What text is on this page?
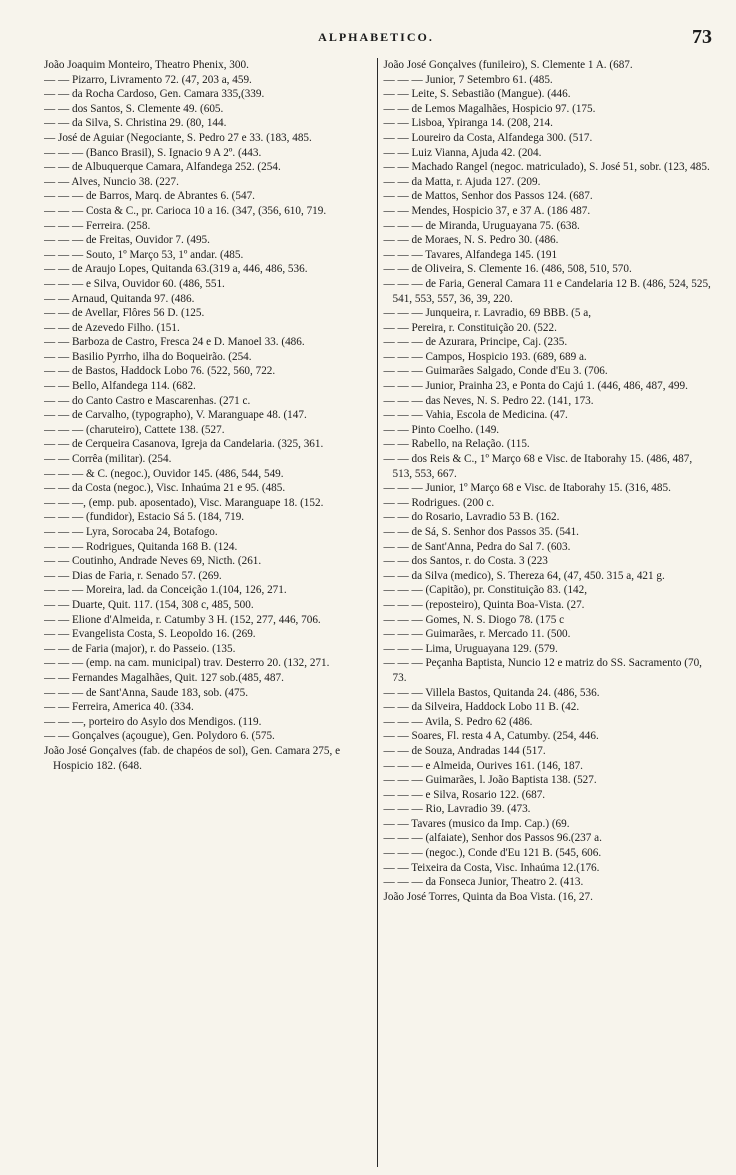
ALPHABETICO.	73
João Joaquim Monteiro, Theatro Phenix, 300.
— — Pizarro, Livramento 72. (47, 203 a, 459.
— — da Rocha Cardoso, Gen. Camara 335,(339.
— — dos Santos, S. Clemente 49. (605.
— — da Silva, S. Christina 29. (80, 144.
— José de Aguiar (Negociante, S. Pedro 27 e 33. (183, 485.
— — — (Banco Brasil), S. Ignacio 9 A 2º. (443.
— — de Albuquerque Camara, Alfandega 252. (254.
— — Alves, Nuncio 38. (227.
— — — de Barros, Marq. de Abrantes 6. (547.
— — — Costa & C., pr. Carioca 10 a 16. (347, (356, 610, 719.
— — — Ferreira. (258.
— — — de Freitas, Ouvidor 7. (495.
— — — Souto, 1º Março 53, 1º andar. (485.
— — de Araujo Lopes, Quitanda 63.(319 a, 446, 486, 536.
— — — e Silva, Ouvidor 60. (486, 551.
— — Arnaud, Quitanda 97. (486.
— — de Avellar, Flôres 56 D. (125.
— — de Azevedo Filho. (151.
— — Barboza de Castro, Fresca 24 e D. Manoel 33. (486.
— — Basilio Pyrrho, ilha do Boqueirão. (254.
— — de Bastos, Haddock Lobo 76. (522, 560, 722.
— — Bello, Alfandega 114. (682.
— — do Canto Castro e Mascarenhas. (271 c.
— — de Carvalho, (typographo), V. Maranguape 48. (147.
— — — (charuteiro), Cattete 138. (527.
— — de Cerqueira Casanova, Igreja da Candelaria. (325, 361.
— — Corrêa (militar). (254.
— — — & C. (negoc.), Ouvidor 145. (486, 544, 549.
— — da Costa (negoc.), Visc. Inhaúma 21 e 95. (485.
— — —, (emp. pub. aposentado), Visc. Maranguape 18. (152.
— — — (fundidor), Estacio Sá 5. (184, 719.
— — — Lyra, Sorocaba 24, Botafogo.
— — — Rodrigues, Quitanda 168 B. (124.
— — Coutinho, Andrade Neves 69, Nicth. (261.
— — Dias de Faria, r. Senado 57. (269.
— — — Moreira, lad. da Conceição 1.(104, 126, 271.
— — Duarte, Quit. 117. (154, 308 c, 485, 500.
— — Elione d'Almeida, r. Catumby 3 H. (152, 277, 446, 706.
— — Evangelista Costa, S. Leopoldo 16. (269.
— — de Faria (major), r. do Passeio. (135.
— — — (emp. na cam. municipal) trav. Desterro 20. (132, 271.
— — Fernandes Magalhães, Quit. 127 sob.(485, 487.
— — — de Sant'Anna, Saude 183, sob. (475.
— — Ferreira, America 40. (334.
— — —, porteiro do Asylo dos Mendigos. (119.
— — Gonçalves (açougue), Gen. Polydoro 6. (575.
João José Gonçalves (fab. de chapéos de sol), Gen. Camara 275, e Hospicio 182. (648.
João José Gonçalves (funileiro), S. Clemente 1 A. (687.
— — — Junior, 7 Setembro 61. (485.
— — Leite, S. Sebastião (Mangue). (446.
— — de Lemos Magalhães, Hospicio 97. (175.
— — Lisboa, Ypiranga 14. (208, 214.
— — Loureiro da Costa, Alfandega 300. (517.
— — Luiz Vianna, Ajuda 42. (204.
— — Machado Rangel (negoc. matriculado), S. José 51, sobr. (123, 485.
— — da Matta, r. Ajuda 127. (209.
— — de Mattos, Senhor dos Passos 124. (687.
— — Mendes, Hospicio 37, e 37 A. (186 487.
— — — de Miranda, Uruguayana 75. (638.
— — de Moraes, N. S. Pedro 30. (486.
— — — Tavares, Alfandega 145. (191
— — de Oliveira, S. Clemente 16. (486, 508, 510, 570.
— — — de Faria, General Camara 11 e Candelaria 12 B. (486, 524, 525, 541, 553, 557, 36, 39, 220.
— — — Junqueira, r. Lavradio, 69 BBB. (5 a,
— — Pereira, r. Constituição 20. (522.
— — — de Azurara, Principe, Caj. (235.
— — — Campos, Hospicio 193. (689, 689 a.
— — — Guimarães Salgado, Conde d'Eu 3. (706.
— — — Junior, Prainha 23, e Ponta do Cajú 1. (446, 486, 487, 499.
— — — das Neves, N. S. Pedro 22. (141, 173.
— — — Vahia, Escola de Medicina. (47.
— — Pinto Coelho. (149.
— — Rabello, na Relação. (115.
— — dos Reis & C., 1º Março 68 e Visc. de Itaborahy 15. (486, 487, 513, 553, 667.
— — — Junior, 1º Março 68 e Visc. de Itaborahy 15. (316, 485.
— — Rodrigues. (200 c.
— — do Rosario, Lavradio 53 B. (162.
— — de Sá, S. Senhor dos Passos 35. (541.
— — de Sant'Anna, Pedra do Sal 7. (603.
— — dos Santos, r. do Costa. 3 (223
— — da Silva (medico), S. Thereza 64, (47, 450. 315 a, 421 g.
— — — (Capitão), pr. Constituição 83. (142,
— — — (reposteiro), Quinta Boa-Vista. (27.
— — — Gomes, N. S. Diogo 78. (175 c
— — — Guimarães, r. Mercado 11. (500.
— — — Lima, Uruguayana 129. (579.
— — — Peçanha Baptista, Nuncio 12 e matriz do SS. Sacramento (70, 73.
— — — Villela Bastos, Quitanda 24. (486, 536.
— — da Silveira, Haddock Lobo 11 B. (42.
— — — Avila, S. Pedro 62 (486.
— — Soares, Fl. resta 4 A, Catumby. (254, 446.
— — de Souza, Andradas 144 (517.
— — — e Almeida, Ourives 161. (146, 187.
— — — Guimarães, l. João Baptista 138. (527.
— — — e Silva, Rosario 122. (687.
— — — Rio, Lavradio 39. (473.
— — Tavares (musico da Imp. Cap.) (69.
— — — (alfaiate), Senhor dos Passos 96.(237 a.
— — — (negoc.), Conde d'Eu 121 B. (545, 606.
— — Teixeira da Costa, Visc. Inhaúma 12.(176.
— — — da Fonseca Junior, Theatro 2. (413.
João José Torres, Quinta da Boa Vista. (16, 27.
